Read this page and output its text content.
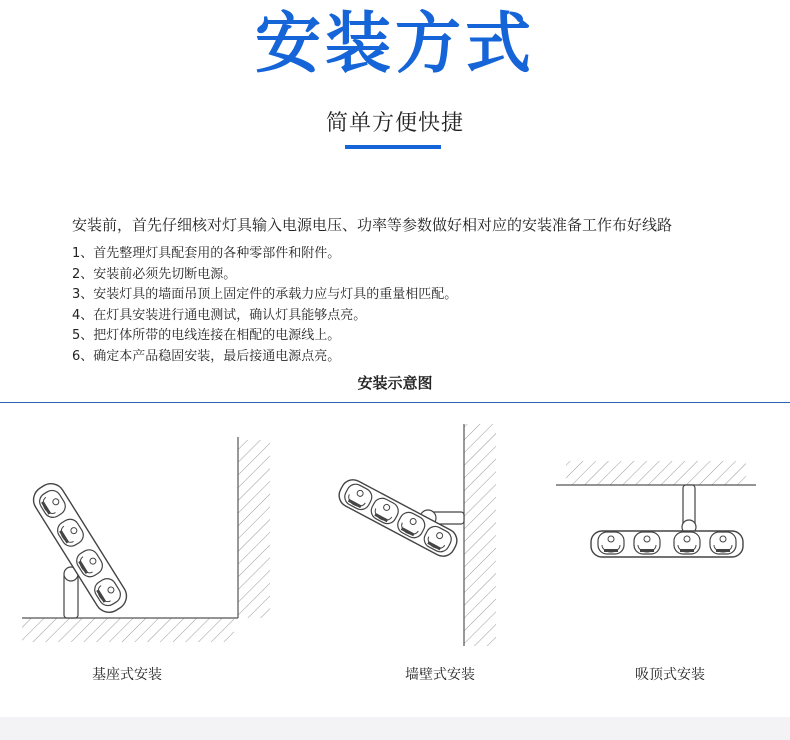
安装方式
简单方便快捷
安装前，首先仔细核对灯具输入电源电压、功率等参数做好相对应的安装准备工作布好线路
1、首先整理灯具配套用的各种零部件和附件。
2、安装前必须先切断电源。
3、安装灯具的墙面吊顶上固定件的承载力应与灯具的重量相匹配。
4、在灯具安装进行通电测试，确认灯具能够点亮。
5、把灯体所带的电线连接在相配的电源线上。
6、确定本产品稳固安装，最后接通电源点亮。
安装示意图
基座式安装	墙壁式安装	吸顶式安装
